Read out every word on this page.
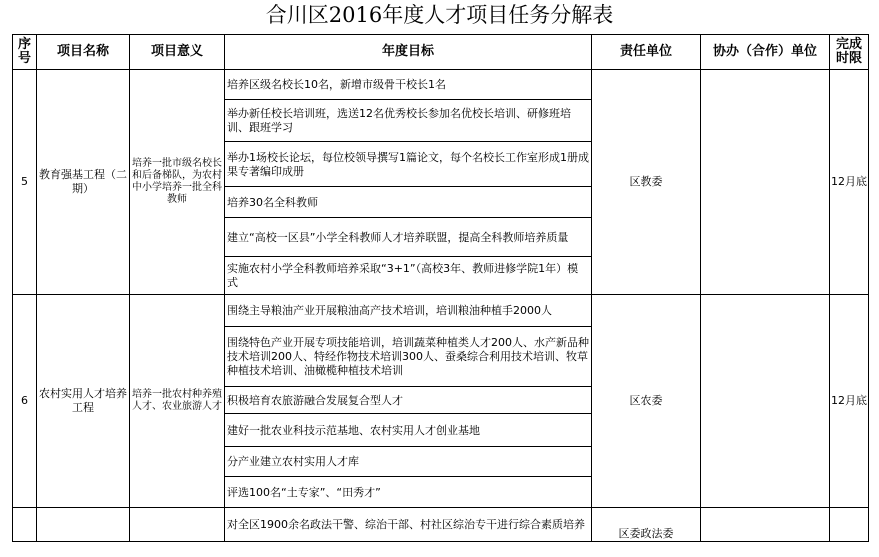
合川区2016年度人才项目任务分解表
序号	项目名称	项目意义	年度目标	责任单位	协办（合作）单位	完成时限
5	教育强基工程（二期）	培养一批市级名校长和后备梯队，为农村中小学培养一批全科教师	培养区级名校长10名，新增市级骨干校长1名	区教委		12月底
			举办新任校长培训班，选送12名优秀校长参加名优校长培训、研修班培训、跟班学习			
			举办1场校长论坛，每位校领导撰写1篇论文，每个名校长工作室形成1册成果专著编印成册			
			培养30名全科教师			
			建立“高校一区县”小学全科教师人才培养联盟，提高全科教师培养质量			
			实施农村小学全科教师培养采取“3+1”（高校3年、教师进修学院1年）模式			
6	农村实用人才培养工程	培养一批农村种养殖人才、农业旅游人才	围绕主导粮油产业开展粮油高产技术培训，培训粮油种植手2000人	区农委		12月底
			围绕特色产业开展专项技能培训，培训蔬菜种植类人才200人、水产新品种技术培训200人、特经作物技术培训300人、蚕桑综合利用技术培训、牧草种植技术培训、油橄榄种植技术培训			
			积极培育农旅游融合发展复合型人才			
			建好一批农业科技示范基地、农村实用人才创业基地			
			分产业建立农村实用人才库			
			评选100名“土专家”、“田秀才”			
			对全区1900余名政法干警、综治干部、村社区综治专干进行综合素质培养	区委政法委		
